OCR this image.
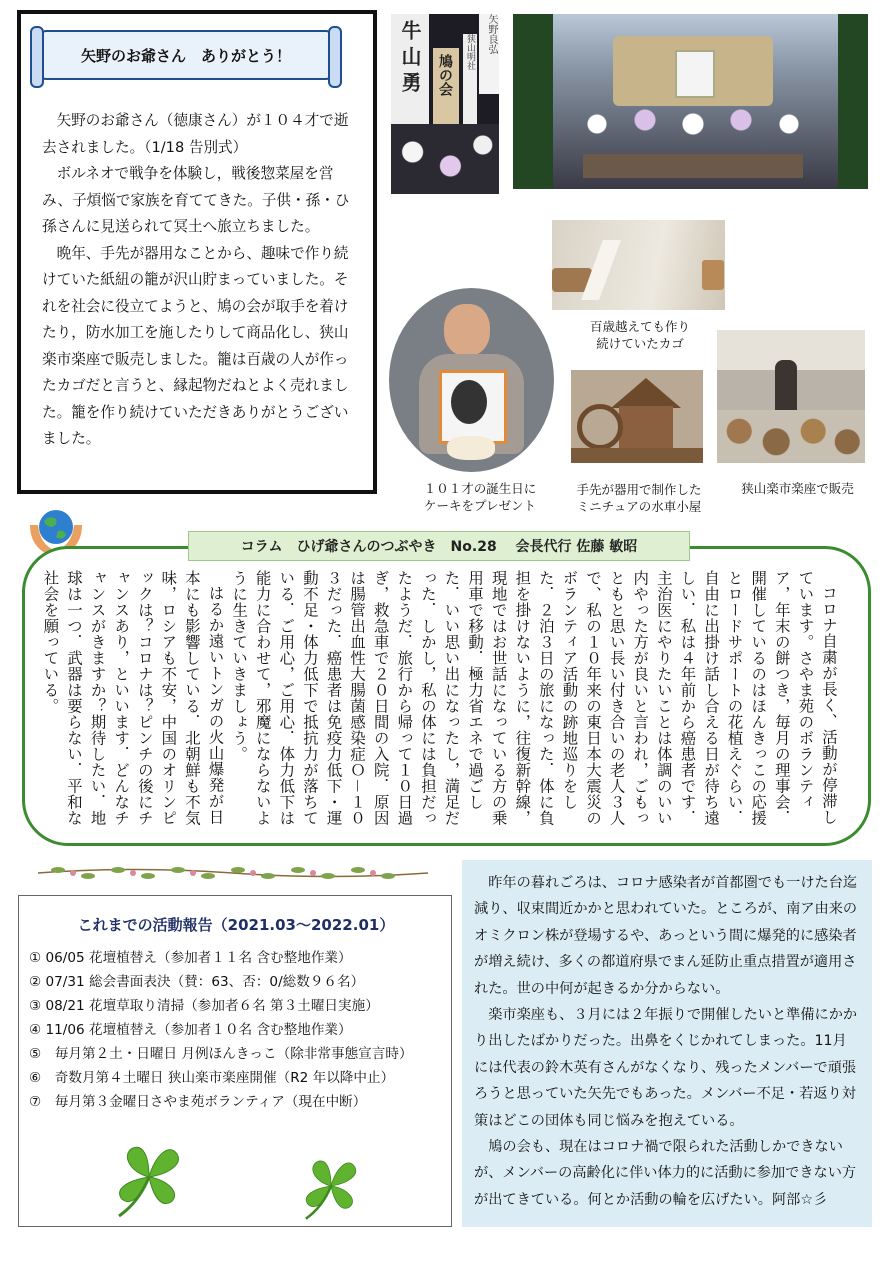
矢野のお爺さん　ありがとう！

矢野のお爺さん（徳康さん）が１０４才で逝去されました。（1/18 告別式）

ボルネオで戦争を体験し，戦後惣菜屋を営み、子煩悩で家族を育ててきた。子供・孫・ひ孫さんに見送られて冥土へ旅立ちました。

晩年、手先が器用なことから、趣味で作り続けていた紙紐の籠が沢山貯まっていました。それを社会に役立てようと、鳩の会が取手を着けたり，防水加工を施したりして商品化し、狭山楽市楽座で販売しました。籠は百歳の人が作ったカゴだと言うと、縁起物だねとよく売れました。籠を作り続けていただきありがとうございました。

牛山勇 鳩の会
狭山明社	矢野良弘
百歳越えても作り
続けていたカゴ
１０１才の誕生日に
ケーキをプレゼント
手先が器用で制作した
ミニチュアの水車小屋
狭山楽市楽座で販売
コラム　ひげ爺さんのつぶやき　No.28　 会長代行 佐藤 敏昭

コロナ自粛が長く、活動が停滞しています。さやま苑のボランティア，年末の餅つき，毎月の理事会．開催しているのはほんきっこの応援とロードサポートの花植えぐらい．自由に出掛け話し合える日が待ち遠しい．私は４年前から癌患者です．主治医にやりたいことは体調のいい内やった方が良いと言われ，ごもっともと思い長い付き合いの老人３人で、私の１０年来の東日本大震災のボランティア活動の跡地巡りをした．２泊３日の旅になった．体に負担を掛けないように，往復新幹線，現地ではお世話になっている方の乗用車で移動．極力省エネで過ごした．いい思い出になったし，満足だった．しかし，私の体には負担だったようだ．旅行から帰って１０日過ぎ，救急車で２０日間の入院．原因は腸管出血性大腸菌感染症Ｏ－１０３だった．癌患者は免疫力低下・運動不足・体力低下で抵抗力が落ちている．ご用心，ご用心．体力低下は能力に合わせて，邪魔にならないように生きていきましょう。

はるか遠いトンガの火山爆発が日本にも影響している．北朝鮮も不気味，ロシアも不安，中国のオリンピックは？コロナは？ピンチの後にチャンスあり，といいます．どんなチャンスがきますか？期待したい．地球は一つ．武器は要らない．平和な社会を願っている。

これまでの活動報告（2021.03～2022.01）
① 06/05 花壇植替え（参加者１１名 含む整地作業）
② 07/31 総会書面表決（賛：63、否：0/総数９６名）
③ 08/21 花壇草取り清掃（参加者６名 第３土曜日実施）
④ 11/06 花壇植替え（参加者１０名 含む整地作業）
⑤　毎月第２土・日曜日 月例ほんきっこ（除非常事態宣言時）
⑥　奇数月第４土曜日 狭山楽市楽座開催（R2 年以降中止）
⑦　毎月第３金曜日さやま苑ボランティア（現在中断）

昨年の暮れごろは、コロナ感染者が首都圏でも一けた台迄減り、収束間近かかと思われていた。ところが、南ア由来のオミクロン株が登場するや、あっという間に爆発的に感染者が増え続け、多くの都道府県でまん延防止重点措置が適用された。世の中何が起きるか分からない。

楽市楽座も、３月には２年振りで開催したいと準備にかかり出したばかりだった。出鼻をくじかれてしまった。11月には代表の鈴木英有さんがなくなり、残ったメンバーで頑張ろうと思っていた矢先でもあった。メンバー不足・若返り対策はどこの団体も同じ悩みを抱えている。

鳩の会も、現在はコロナ禍で限られた活動しかできないが、メンバーの高齢化に伴い体力的に活動に参加できない方が出てきている。何とか活動の輪を広げたい。阿部☆彡
